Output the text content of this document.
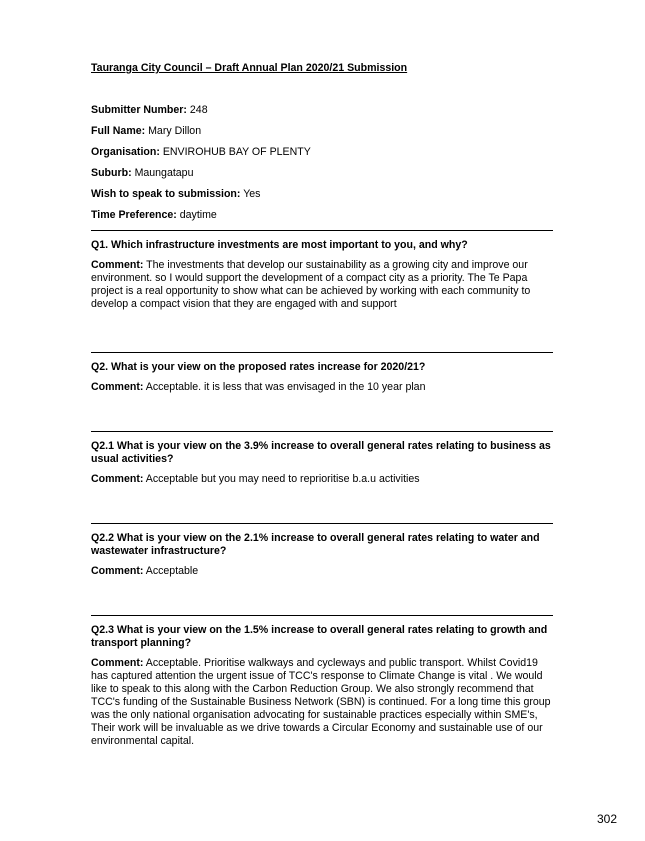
Tauranga City Council – Draft Annual Plan 2020/21 Submission

Submitter Number: 248

Full Name: Mary Dillon

Organisation: ENVIROHUB BAY OF PLENTY

Suburb: Maungatapu

Wish to speak to submission: Yes

Time Preference: daytime

Q1. Which infrastructure investments are most important to you, and why?

Comment: The investments that develop our sustainability as a growing city and improve our environment. so I would support the development of a compact city as a priority. The Te Papa project is a real opportunity to show what can be achieved by working with each community to develop a compact vision that they are engaged with and support

Q2. What is your view on the proposed rates increase for 2020/21?

Comment: Acceptable. it is less that was envisaged in the 10 year plan

Q2.1 What is your view on the 3.9% increase to overall general rates relating to business as usual activities?

Comment: Acceptable but you may need to reprioritise b.a.u activities

Q2.2 What is your view on the 2.1% increase to overall general rates relating to water and wastewater infrastructure?

Comment: Acceptable

Q2.3 What is your view on the 1.5% increase to overall general rates relating to growth and transport planning?

Comment: Acceptable. Prioritise walkways and cycleways and public transport. Whilst Covid19 has captured attention the urgent issue of TCC's response to Climate Change is vital . We would like to speak to this along with the Carbon Reduction Group. We also strongly recommend that TCC's funding of the Sustainable Business Network (SBN) is continued. For a long time this group was the only national organisation advocating for sustainable practices especially within SME's, Their work will be invaluable as we drive towards a Circular Economy and sustainable use of our environmental capital.

302
